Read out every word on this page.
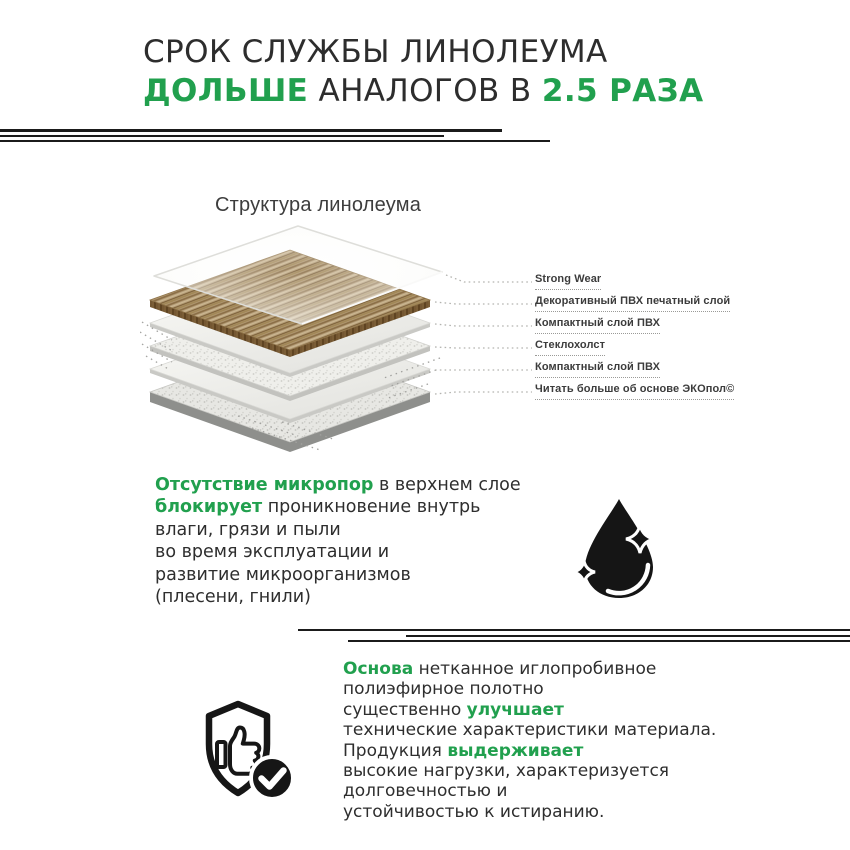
СРОК СЛУЖБЫ ЛИНОЛЕУМА
ДОЛЬШЕ АНАЛОГОВ В 2.5 РАЗА
Структура линолеума
Strong Wear
Декоративный ПВХ печатный слой
Компактный слой ПВХ
Стеклохолст
Компактный слой ПВХ
Читать больше об основе ЭКОпол©
Отсутствие микропор в верхнем слое
блокирует проникновение внутрь
влаги, грязи и пыли
во время эксплуатации и
развитие микроорганизмов
(плесени, гнили)
Основа нетканное иглопробивное
полиэфирное полотно
существенно улучшает
технические характеристики материала.
Продукция выдерживает
высокие нагрузки, характеризуется
долговечностью и
устойчивостью к истиранию.
